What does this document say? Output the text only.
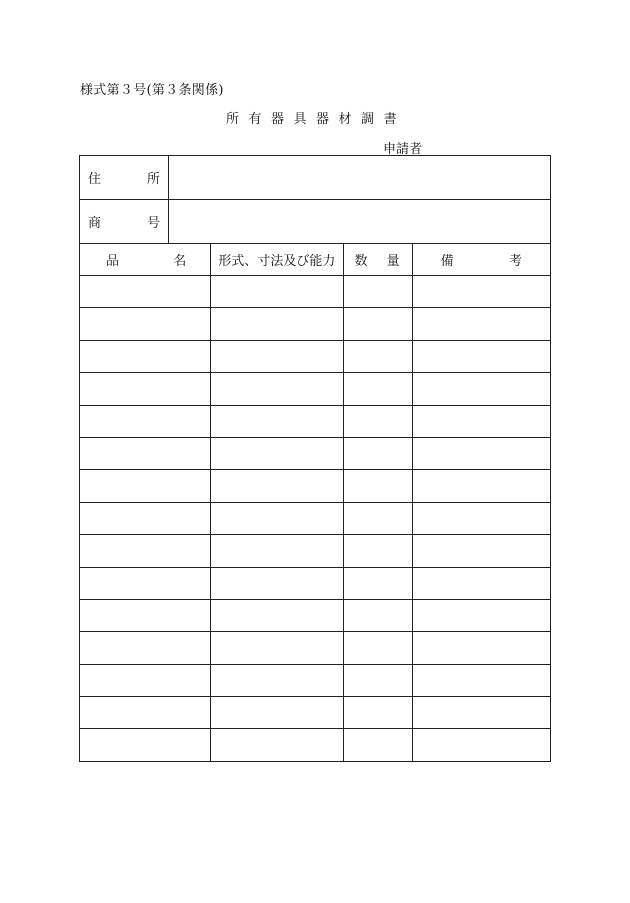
様式第３号(第３条関係)
所有器具器材調書
申請者
住 所	

商 号	

品 名	形式、寸法及び能力	数 量	備 考
